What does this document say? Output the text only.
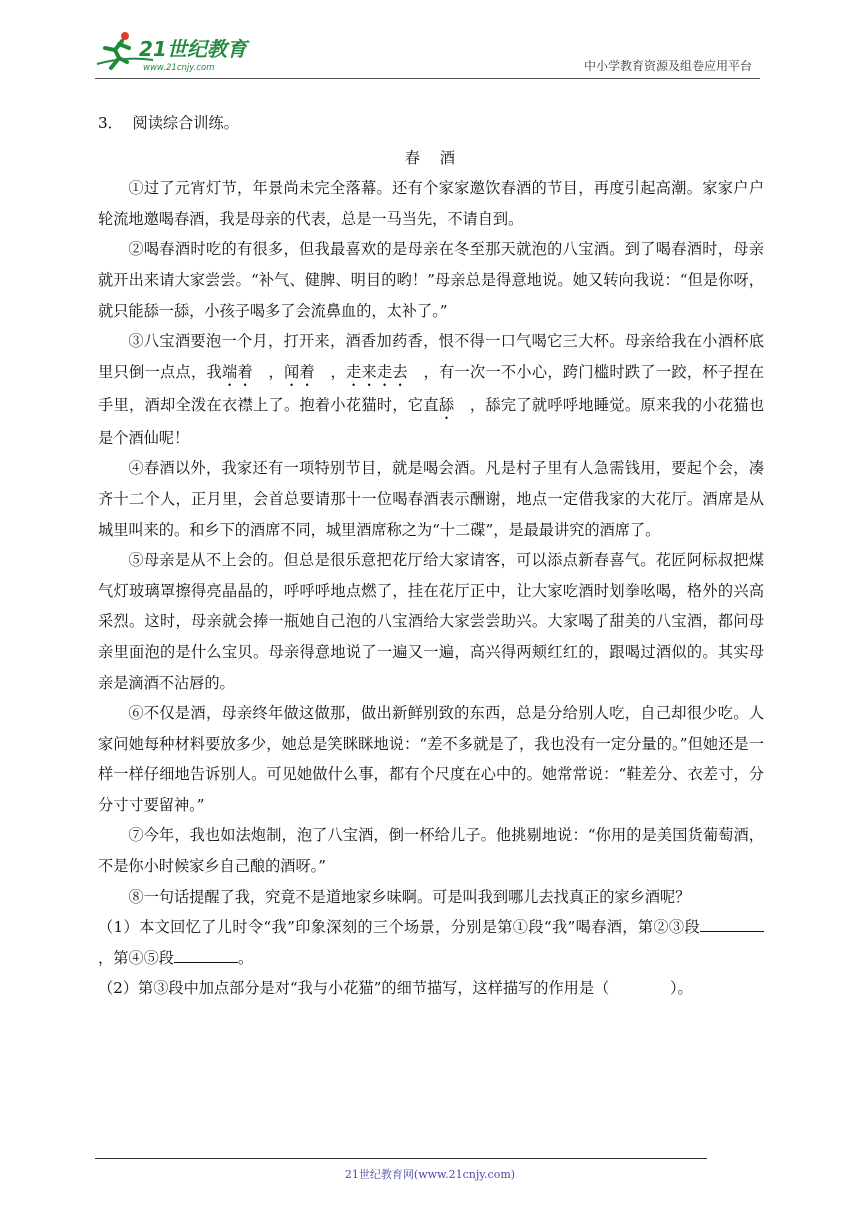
21世纪教育
www.21cnjy.com	中小学教育资源及组卷应用平台

3． 阅读综合训练。

春　酒

①过了元宵灯节，年景尚未完全落幕。还有个家家邀饮春酒的节目，再度引起高潮。家家户户轮流地邀喝春酒，我是母亲的代表，总是一马当先，不请自到。

②喝春酒时吃的有很多，但我最喜欢的是母亲在冬至那天就泡的八宝酒。到了喝春酒时，母亲就开出来请大家尝尝。“补气、健脾、明目的哟！”母亲总是得意地说。她又转向我说：“但是你呀，就只能舔一舔，小孩子喝多了会流鼻血的，太补了。”

③八宝酒要泡一个月，打开来，酒香加药香，恨不得一口气喝它三大杯。母亲给我在小酒杯底里只倒一点点，我端着　，闻着　，走来走去　，有一次一不小心，跨门槛时跌了一跤，杯子捏在手里，酒却全泼在衣襟上了。抱着小花猫时，它直舔　，舔完了就呼呼地睡觉。原来我的小花猫也是个酒仙呢！

④春酒以外，我家还有一项特别节目，就是喝会酒。凡是村子里有人急需钱用，要起个会，凑齐十二个人，正月里，会首总要请那十一位喝春酒表示酬谢，地点一定借我家的大花厅。酒席是从城里叫来的。和乡下的酒席不同，城里酒席称之为“十二碟”，是最最讲究的酒席了。

⑤母亲是从不上会的。但总是很乐意把花厅给大家请客，可以添点新春喜气。花匠阿标叔把煤气灯玻璃罩擦得亮晶晶的，呼呼呼地点燃了，挂在花厅正中，让大家吃酒时划拳吆喝，格外的兴高采烈。这时，母亲就会捧一瓶她自己泡的八宝酒给大家尝尝助兴。大家喝了甜美的八宝酒，都问母亲里面泡的是什么宝贝。母亲得意地说了一遍又一遍，高兴得两颊红红的，跟喝过酒似的。其实母亲是滴酒不沾唇的。

⑥不仅是酒，母亲终年做这做那，做出新鲜别致的东西，总是分给别人吃，自己却很少吃。人家问她每种材料要放多少，她总是笑眯眯地说：“差不多就是了，我也没有一定分量的。”但她还是一样一样仔细地告诉别人。可见她做什么事，都有个尺度在心中的。她常常说：“鞋差分、衣差寸，分分寸寸要留神。”

⑦今年，我也如法炮制，泡了八宝酒，倒一杯给儿子。他挑剔地说：“你用的是美国货葡萄酒，不是你小时候家乡自己酿的酒呀。”

⑧一句话提醒了我，究竟不是道地家乡味啊。可是叫我到哪儿去找真正的家乡酒呢？

（1）本文回忆了儿时令“我”印象深刻的三个场景，分别是第①段“我”喝春酒，第②③段，第④⑤段	。

（2）第③段中加点部分是对“我与小花猫”的细节描写，这样描写的作用是（　　　　）。

21世纪教育网(www.21cnjy.com)
